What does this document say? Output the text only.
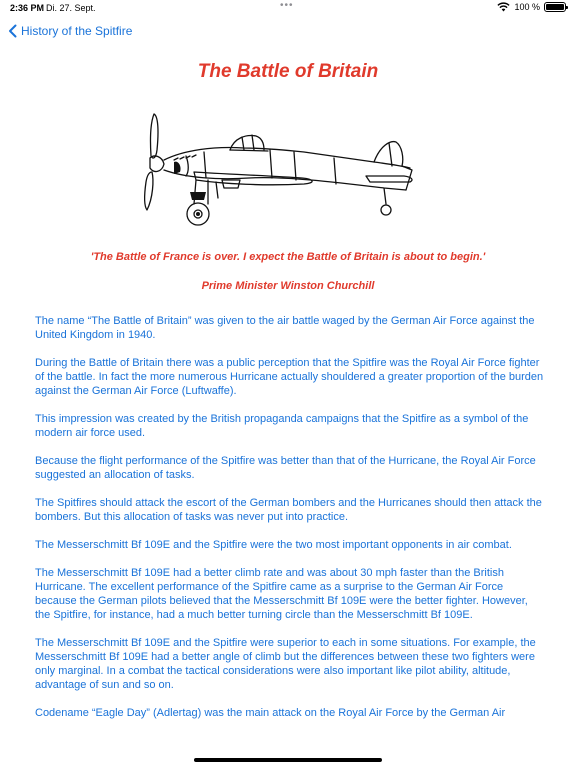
2:36 PM Di. 27. Sept.	•••	100 %
History of the Spitfire
The Battle of Britain

'The Battle of France is over. I expect the Battle of Britain is about to begin.'

Prime Minister Winston Churchill

The name “The Battle of Britain” was given to the air battle waged by the German Air Force against the United Kingdom in 1940.

During the Battle of Britain there was a public perception that the Spitfire was the Royal Air Force fighter of the battle. In fact the more numerous Hurricane actually shouldered a greater proportion of the burden against the German Air Force (Luftwaffe).

This impression was created by the British propaganda campaigns that the Spitfire as a symbol of the modern air force used.

Because the flight performance of the Spitfire was better than that of the Hurricane, the Royal Air Force suggested an allocation of tasks.

The Spitfires should attack the escort of the German bombers and the Hurricanes should then attack the bombers. But this allocation of tasks was never put into practice.

The Messerschmitt Bf 109E and the Spitfire were the two most important opponents in air combat.

The Messerschmitt Bf 109E had a better climb rate and was about 30 mph faster than the British Hurricane. The excellent performance of the Spitfire came as a surprise to the German Air Force because the German pilots believed that the Messerschmitt Bf 109E were the better fighter. However, the Spitfire, for instance, had a much better turning circle than the Messerschmitt Bf 109E.

The Messerschmitt Bf 109E and the Spitfire were superior to each in some situations. For example, the Messerschmitt Bf 109E had a better angle of climb but the differences between these two fighters were only marginal. In a combat the tactical considerations were also important like pilot ability, altitude, advantage of sun and so on.

Codename “Eagle Day” (Adlertag) was the main attack on the Royal Air Force by the German Air
